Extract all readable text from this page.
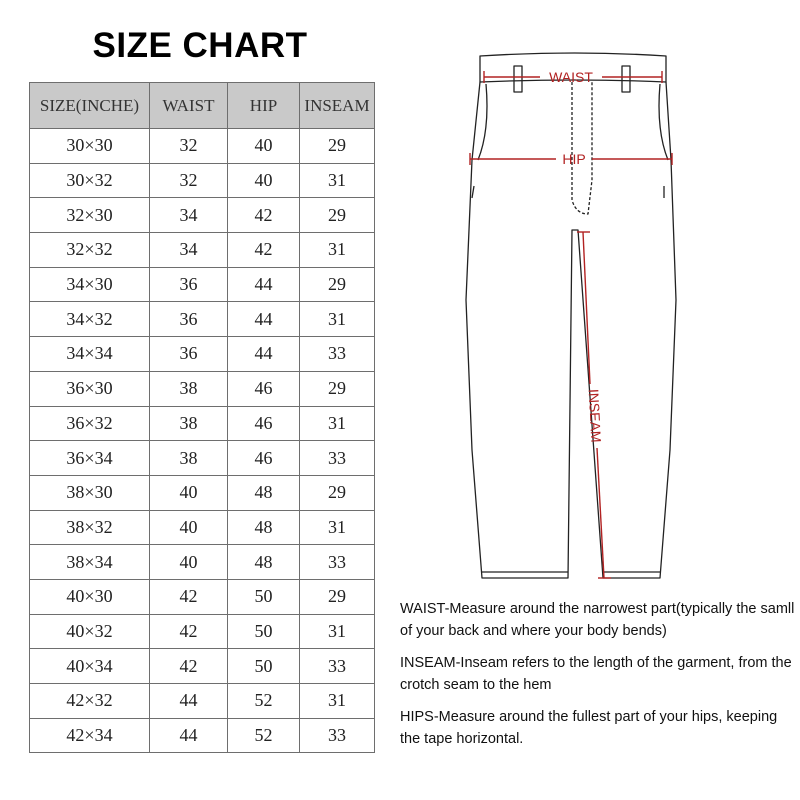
SIZE CHART
SIZE(INCHE)	WAIST	HIP	INSEAM
30×30	32	40	29
30×32	32	40	31
32×30	34	42	29
32×32	34	42	31
34×30	36	44	29
34×32	36	44	31
34×34	36	44	33
36×30	38	46	29
36×32	38	46	31
36×34	38	46	33
38×30	40	48	29
38×32	40	48	31
38×34	40	48	33
40×30	42	50	29
40×32	42	50	31
40×34	42	50	33
42×32	44	52	31
42×34	44	52	33
WAIST
HIP
INSEAM

WAIST-Measure around the narrowest part(typically the samll of your back and where your body bends)

INSEAM-Inseam refers to the length of the garment, from the crotch seam to the hem

HIPS-Measure around the fullest part of your hips, keeping the tape horizontal.
